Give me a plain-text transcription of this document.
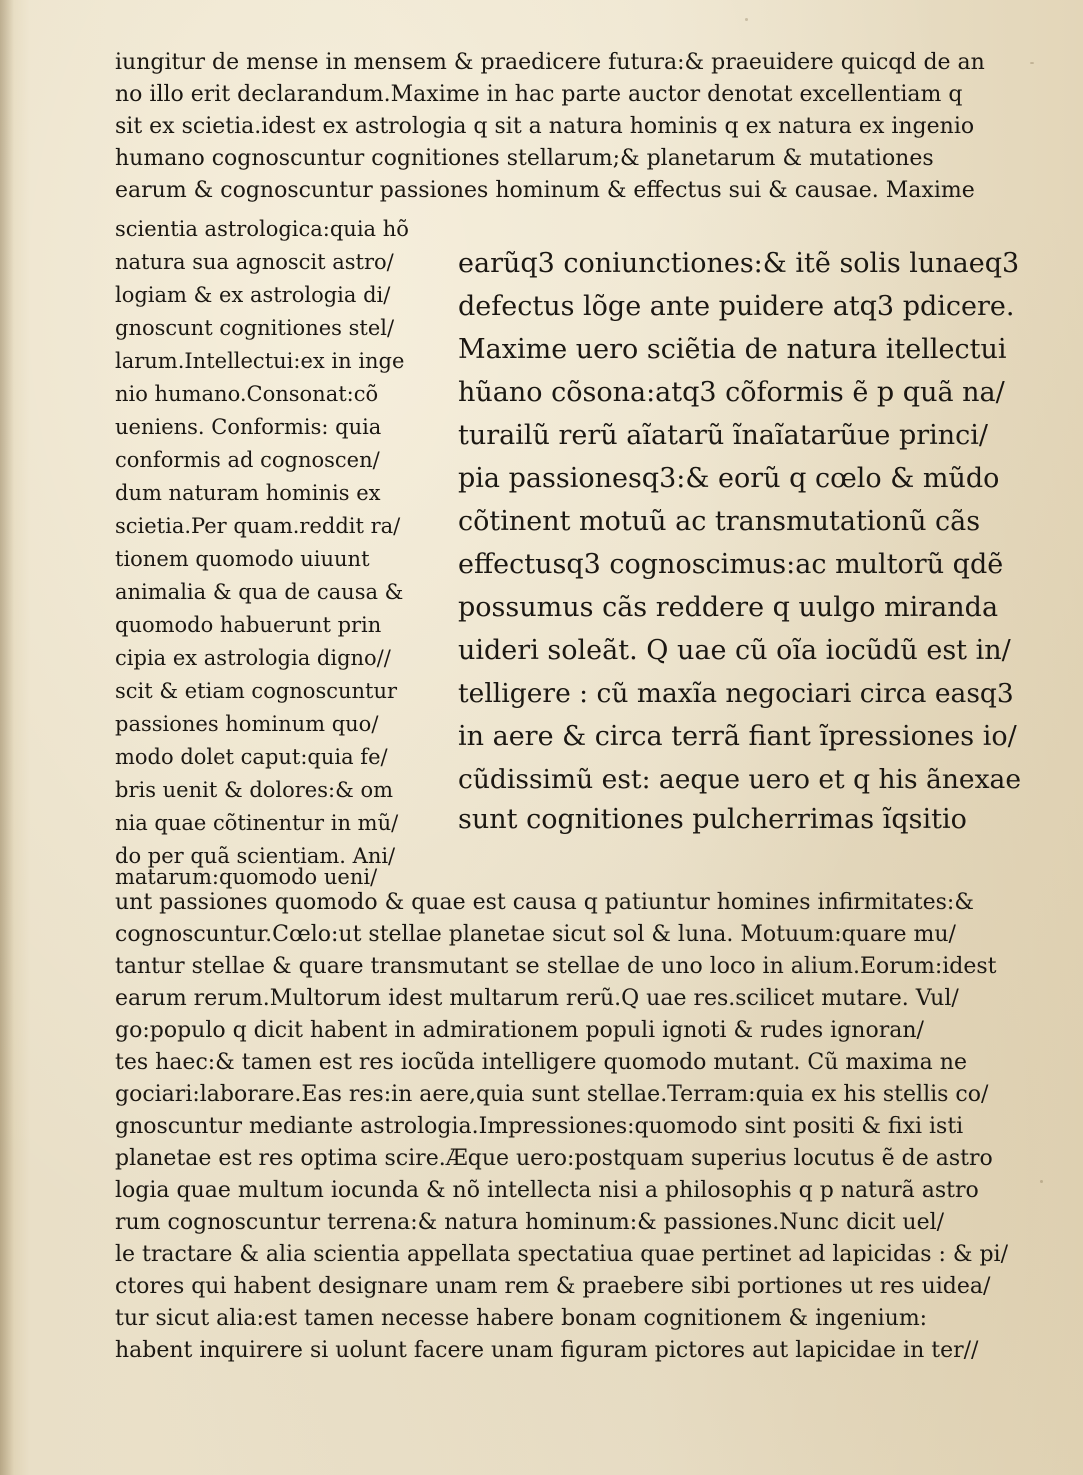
iungitur de mense in mensem & praedicere futura:& praeuidere quicqd de an
no illo erit declarandum.Maxime in hac parte auctor denotat excellentiam q
sit ex scietia.idest ex astrologia q sit a natura hominis q ex natura ex ingenio
humano cognoscuntur cognitiones stellarum;& planetarum & mutationes
earum & cognoscuntur passiones hominum & effectus sui & causae. Maxime
scientia astrologica:quia hõ
natura sua agnoscit astro/
logiam & ex astrologia di/
gnoscunt cognitiones stel/
larum.Intellectui:ex in inge
nio humano.Consonat:cõ
ueniens. Conformis: quia
conformis ad cognoscen/
dum naturam hominis ex
scietia.Per quam.reddit ra/
tionem quomodo uiuunt
animalia & qua de causa &
quomodo habuerunt prin
cipia ex astrologia digno//
scit & etiam cognoscuntur
passiones hominum quo/
modo dolet caput:quia fe/
bris uenit & dolores:& om
nia quae cõtinentur in mũ/
do per quã scientiam. Ani/
matarum:quomodo ueni/
earũq3 coniunctiones:& itẽ solis lunaeq3
defectus lõge ante puidere atq3 pdicere.
Maxime uero sciẽtia de natura itellectui
hũano cõsona:atq3 cõformis ẽ p quã na/
turailũ rerũ aĩatarũ ĩnaĩatarũue princi/
pia passionesq3:& eorũ q cœlo & mũdo
cõtinent motuũ ac transmutationũ cãs
effectusq3 cognoscimus:ac multorũ qdẽ
possumus cãs reddere q uulgo miranda
uideri soleãt. Q uae cũ oĩa iocũdũ est in/
telligere : cũ maxĩa negociari circa easq3
in aere & circa terrã fiant ĩpressiones io/
cũdissimũ est: aeque uero et q his ãnexae
sunt cognitiones pulcherrimas ĩqsitio
unt passiones quomodo & quae est causa q patiuntur homines infirmitates:&
cognoscuntur.Cœlo:ut stellae planetae sicut sol & luna. Motuum:quare mu/
tantur stellae & quare transmutant se stellae de uno loco in alium.Eorum:idest
earum rerum.Multorum idest multarum rerũ.Q uae res.scilicet mutare. Vul/
go:populo q dicit habent in admirationem populi ignoti & rudes ignoran/
tes haec:& tamen est res iocũda intelligere quomodo mutant. Cũ maxima ne
gociari:laborare.Eas res:in aere,quia sunt stellae.Terram:quia ex his stellis co/
gnoscuntur mediante astrologia.Impressiones:quomodo sint positi & fixi isti
planetae est res optima scire.Æque uero:postquam superius locutus ẽ de astro
logia quae multum iocunda & nõ intellecta nisi a philosophis q p naturã astro
rum cognoscuntur terrena:& natura hominum:& passiones.Nunc dicit uel/
le tractare & alia scientia appellata spectatiua quae pertinet ad lapicidas : & pi/
ctores qui habent designare unam rem & praebere sibi portiones ut res uidea/
tur sicut alia:est tamen necesse habere bonam cognitionem & ingenium:
habent inquirere si uolunt facere unam figuram pictores aut lapicidae in ter//
